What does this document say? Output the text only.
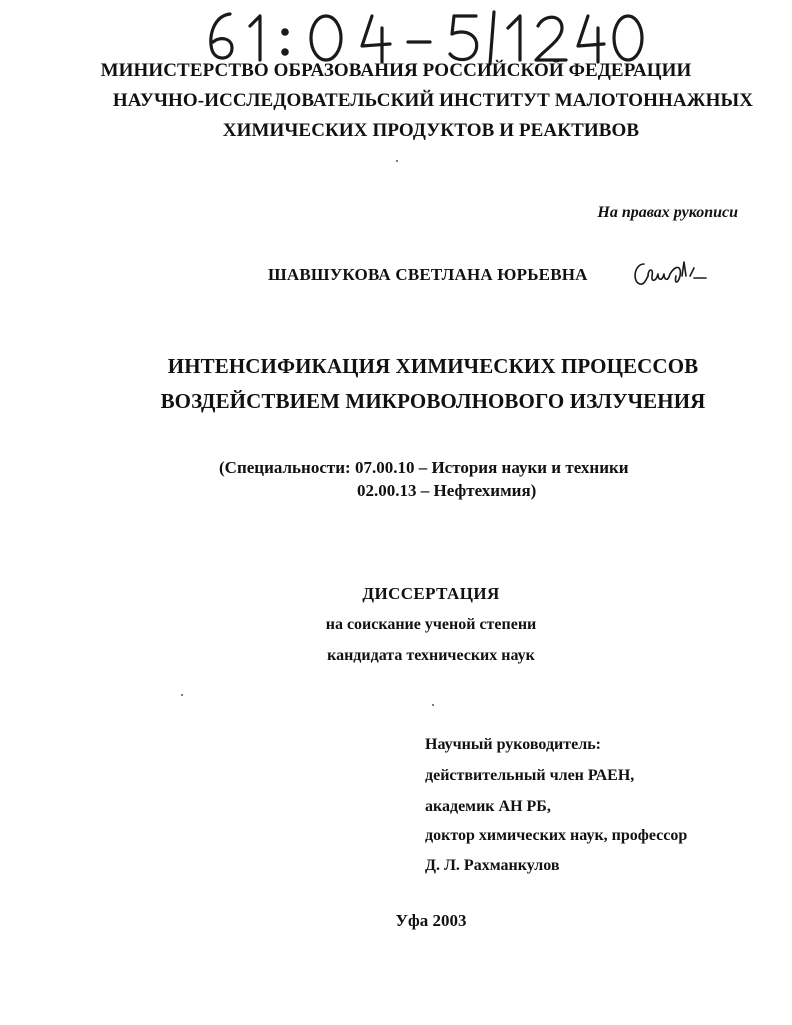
МИНИСТЕРСТВО ОБРАЗОВАНИЯ РОССИЙСКОЙ ФЕДЕРАЦИИ

НАУЧНО-ИССЛЕДОВАТЕЛЬСКИЙ ИНСТИТУТ МАЛОТОННАЖНЫХ

ХИМИЧЕСКИХ ПРОДУКТОВ И РЕАКТИВОВ

На правах рукописи

ШАВШУКОВА СВЕТЛАНА ЮРЬЕВНА

ИНТЕНСИФИКАЦИЯ ХИМИЧЕСКИХ ПРОЦЕССОВ

ВОЗДЕЙСТВИЕМ МИКРОВОЛНОВОГО ИЗЛУЧЕНИЯ

(Специальности: 07.00.10 – История науки и техники

02.00.13 – Нефтехимия)

ДИССЕРТАЦИЯ

на соискание ученой степени

кандидата технических наук

Научный руководитель:

действительный член РАЕН,

академик АН РБ,

доктор химических наук, профессор

Д. Л. Рахманкулов

Уфа 2003
